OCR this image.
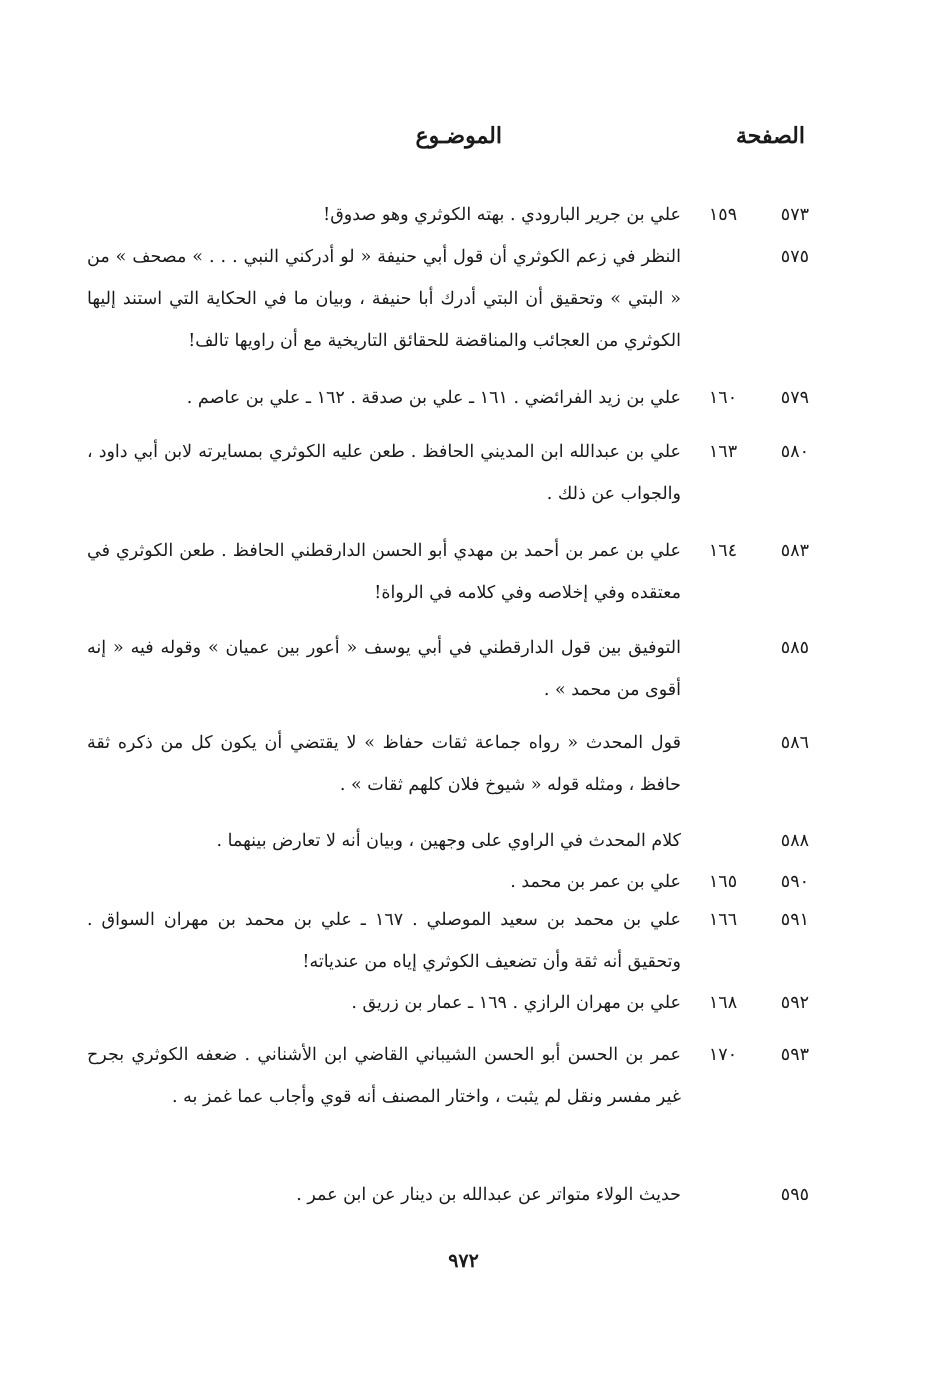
الصفحة
الموضـوع
٥٧٣
١٥٩
علي بن جرير البارودي . بهته الكوثري وهو صدوق!
٥٧٥
النظر في زعم الكوثري أن قول أبي حنيفة « لو أدركني النبي . . . » مصحف » من « البتي » وتحقيق أن البتي أدرك أبا حنيفة ، وبيان ما في الحكاية التي استند إليها الكوثري من العجائب والمناقضة للحقائق التاريخية مع أن راويها تالف!
٥٧٩
١٦٠
علي بن زيد الفرائضي . ١٦١ ـ علي بن صدقة . ١٦٢ ـ علي بن عاصم .
٥٨٠
١٦٣
علي بن عبدالله ابن المديني الحافظ . طعن عليه الكوثري بمسايرته لابن أبي داود ، والجواب عن ذلك .
٥٨٣
١٦٤
علي بن عمر بن أحمد بن مهدي أبو الحسن الدارقطني الحافظ . طعن الكوثري في معتقده وفي إخلاصه وفي كلامه في الرواة!
٥٨٥
التوفيق بين قول الدارقطني في أبي يوسف « أعور بين عميان » وقوله فيه « إنه أقوى من محمد » .
٥٨٦
قول المحدث « رواه جماعة ثقات حفاظ » لا يقتضي أن يكون كل من ذكره ثقة حافظ ، ومثله قوله « شيوخ فلان كلهم ثقات » .
٥٨٨
كلام المحدث في الراوي على وجهين ، وبيان أنه لا تعارض بينهما .
٥٩٠
١٦٥
علي بن عمر بن محمد .
٥٩١
١٦٦
علي بن محمد بن سعيد الموصلي . ١٦٧ ـ علي بن محمد بن مهران السواق . وتحقيق أنه ثقة وأن تضعيف الكوثري إياه من عندياته!
٥٩٢
١٦٨
علي بن مهران الرازي . ١٦٩ ـ عمار بن زريق .
٥٩٣
١٧٠
عمر بن الحسن أبو الحسن الشيباني القاضي ابن الأشناني . ضعفه الكوثري بجرح غير مفسر ونقل لم يثبت ، واختار المصنف أنه قوي وأجاب عما غمز به .
٥٩٥
حديث الولاء متواتر عن عبدالله بن دينار عن ابن عمر .
٩٧٢
